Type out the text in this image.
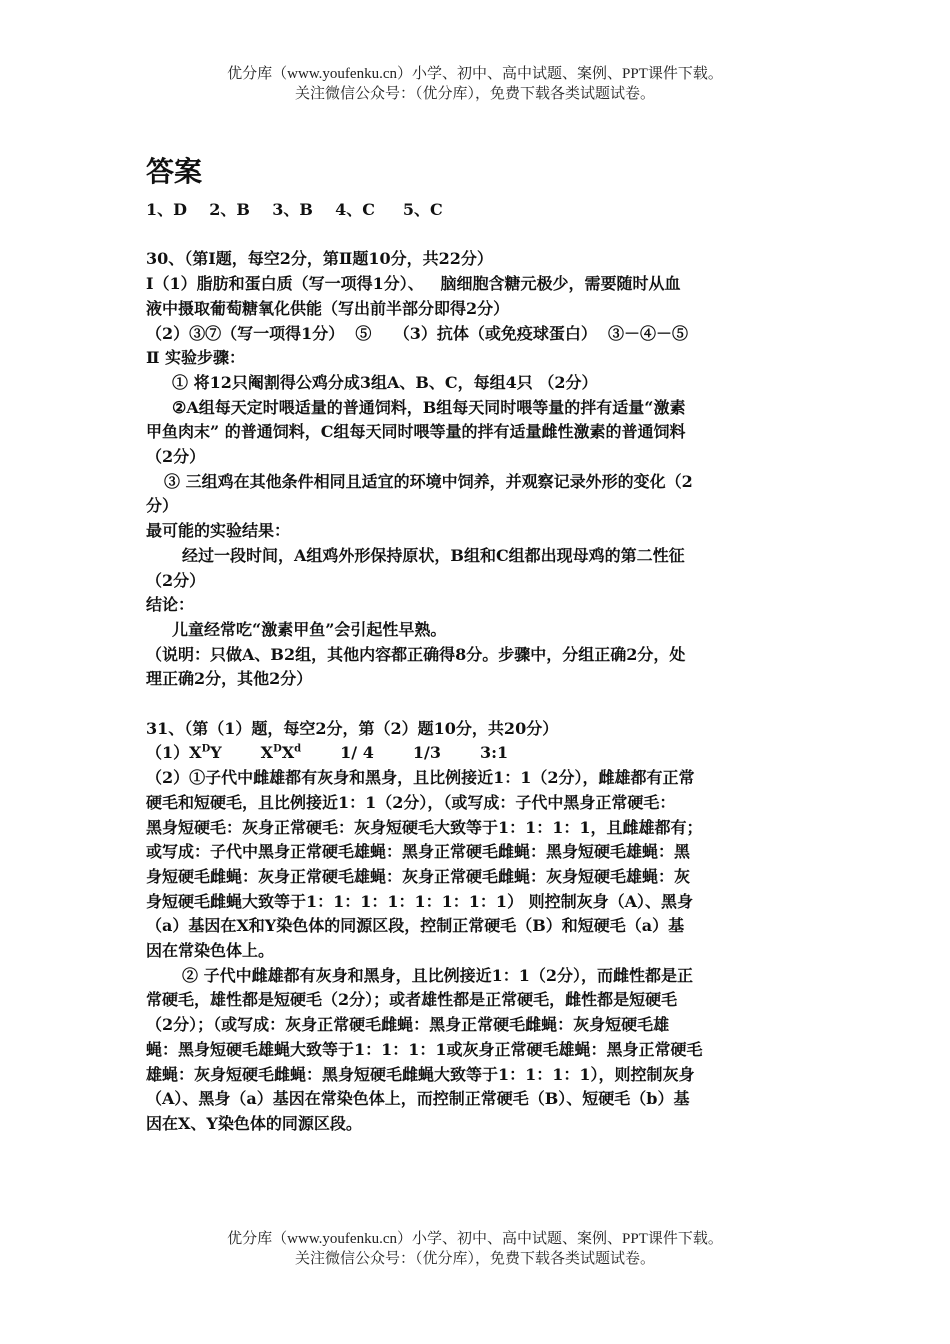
优分库（www.youfenku.cn）小学、初中、高中试题、案例、PPT课件下载。
关注微信公众号：（优分库），免费下载各类试题试卷。
答案
1、D    2、B    3、B    4、C     5、C
30、（第Ⅰ题，每空2分，第Ⅱ题10分，共22分）
Ⅰ（1）脂肪和蛋白质（写一项得1分）、   脑细胞含糖元极少，需要随时从血
液中摄取葡萄糖氧化供能（写出前半部分即得2分）
（2）③⑦（写一项得1分）  ⑤    （3）抗体（或免疫球蛋白）  ③－④－⑤
Ⅱ 实验步骤：
① 将12只阉割得公鸡分成3组A、B、C，每组4只 （2分）
②A组每天定时喂适量的普通饲料，B组每天同时喂等量的拌有适量“激素
甲鱼肉末” 的普通饲料，C组每天同时喂等量的拌有适量雌性激素的普通饲料
（2分）
③ 三组鸡在其他条件相同且适宜的环境中饲养，并观察记录外形的变化（2
分）
最可能的实验结果：
经过一段时间，A组鸡外形保持原状，B组和C组都出现母鸡的第二性征
（2分）
结论：
儿童经常吃“激素甲鱼”会引起性早熟。
（说明：只做A、B2组，其他内容都正确得8分。步骤中，分组正确2分，处
理正确2分，其他2分）
31、（第（1）题，每空2分，第（2）题10分，共20分）
$(1)X^DY$ $X^DX^d$ 1/ 4 1/3 3:1
（2）①子代中雌雄都有灰身和黑身，且比例接近1：1（2分），雌雄都有正常
硬毛和短硬毛，且比例接近1：1（2分），（或写成：子代中黑身正常硬毛：
黑身短硬毛：灰身正常硬毛：灰身短硬毛大致等于1：1：1：1，且雌雄都有；
或写成：子代中黑身正常硬毛雄蝇：黑身正常硬毛雌蝇：黑身短硬毛雄蝇：黑
身短硬毛雌蝇：灰身正常硬毛雄蝇：灰身正常硬毛雌蝇：灰身短硬毛雄蝇：灰
身短硬毛雌蝇大致等于1：1：1：1：1：1：1：1） 则控制灰身（A）、黑身
（a）基因在X和Y染色体的同源区段，控制正常硬毛（B）和短硬毛（a）基
因在常染色体上。
② 子代中雌雄都有灰身和黑身，且比例接近1：1（2分），而雌性都是正
常硬毛，雄性都是短硬毛（2分）；或者雄性都是正常硬毛，雌性都是短硬毛
（2分）；（或写成：灰身正常硬毛雌蝇：黑身正常硬毛雌蝇：灰身短硬毛雄
蝇：黑身短硬毛雄蝇大致等于1：1：1：1或灰身正常硬毛雄蝇：黑身正常硬毛
雄蝇：灰身短硬毛雌蝇：黑身短硬毛雌蝇大致等于1：1：1：1），则控制灰身
（A）、黑身（a）基因在常染色体上，而控制正常硬毛（B）、短硬毛（b）基
因在X、Y染色体的同源区段。
优分库（www.youfenku.cn）小学、初中、高中试题、案例、PPT课件下载。
关注微信公众号：（优分库），免费下载各类试题试卷。
